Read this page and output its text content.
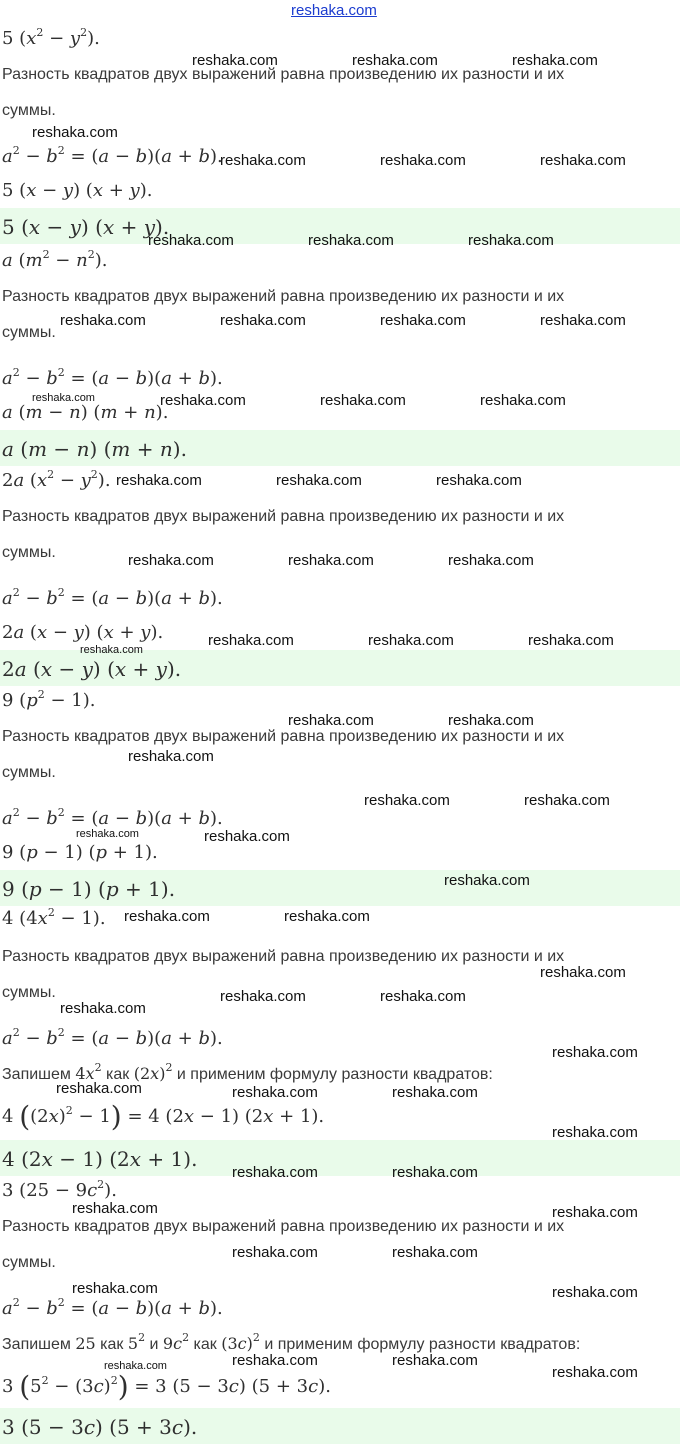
reshaka.com
5 $(x^2 - y^2)$.
Разность квадратов двух выражений равна произведению их разности и их
суммы.
$a^2 - b^2 = (a - b)(a + b)$.
5 (x − y) (x + y).
5 (x − y) (x + y).
a $(m^2 - n^2)$.
Разность квадратов двух выражений равна произведению их разности и их
суммы.
$a^2 - b^2 = (a - b)(a + b)$.
a (m − n) (m + n).
a (m − n) (m + n).
2a $(x^2 - y^2)$.
Разность квадратов двух выражений равна произведению их разности и их
суммы.
$a^2 - b^2 = (a - b)(a + b)$.
2a (x − y) (x + y).
2a (x − y) (x + y).
9 $(p^2 - 1)$.
Разность квадратов двух выражений равна произведению их разности и их
суммы.
$a^2 - b^2 = (a - b)(a + b)$.
9 (p − 1) (p + 1).
9 (p − 1) (p + 1).
4 $(4x^2 - 1)$.
Разность квадратов двух выражений равна произведению их разности и их
суммы.
$a^2 - b^2 = (a - b)(a + b)$.
Запишем $4x^2$ как $(2x)^2$ и применим формулу разности квадратов:
4 $((2x)^2 - 1) = 4$ (2x − 1) (2x + 1).
4 (2x − 1) (2x + 1).
3 $(25 - 9c^2)$.
Разность квадратов двух выражений равна произведению их разности и их
суммы.
$a^2 - b^2 = (a - b)(a + b)$.
Запишем 25 как $5^2$ и $9c^2$ как $(3c)^2$ и применим формулу разности квадратов:
3 $(5^2 - (3c)^2) = 3$ (5 − 3c) (5 + 3c).
3 (5 − 3c) (5 + 3c).
reshaka.com	reshaka.com	reshaka.com
reshaka.com
reshaka.com	reshaka.com	reshaka.com
reshaka.com	reshaka.com	reshaka.com
reshaka.com	reshaka.com	reshaka.com	reshaka.com
reshaka.com	reshaka.com	reshaka.com	reshaka.com
reshaka.com	reshaka.com	reshaka.com
reshaka.com	reshaka.com	reshaka.com
reshaka.com	reshaka.com	reshaka.com
reshaka.com
reshaka.com	reshaka.com
reshaka.com
reshaka.com	reshaka.com
reshaka.com	reshaka.com
reshaka.com
reshaka.com	reshaka.com
reshaka.com
reshaka.com
reshaka.com	reshaka.com
reshaka.com
reshaka.com	reshaka.com	reshaka.com
reshaka.com
reshaka.com	reshaka.com
reshaka.com	reshaka.com
reshaka.com	reshaka.com
reshaka.com	reshaka.com
reshaka.com	reshaka.com
reshaka.com	reshaka.com
